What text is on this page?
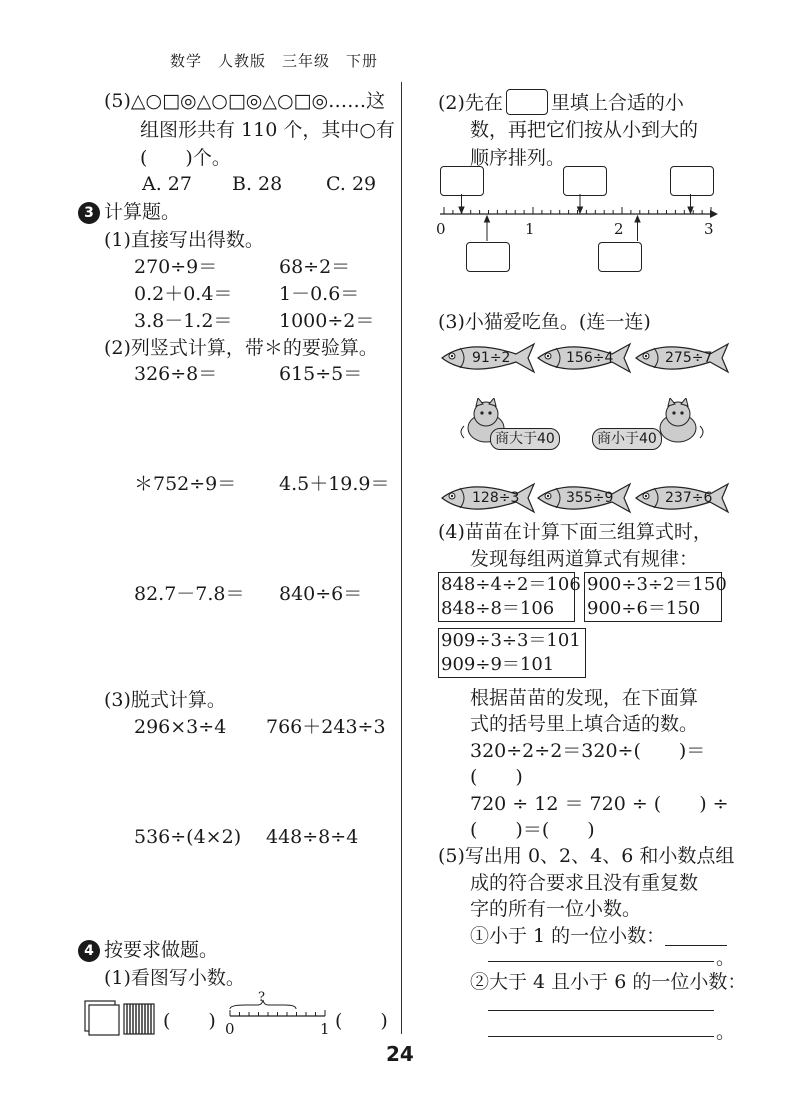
数学　人教版　三年级　下册
(5)△○□◎△○□◎△○□◎……这
组图形共有 110 个，其中○有
(　　)个。
A. 27 B. 28 C. 29
3 计算题。
(1)直接写出得数。
270÷9＝	68÷2＝
0.2＋0.4＝ 1－0.6＝
3.8－1.2＝ 1000÷2＝
(2)列竖式计算，带＊的要验算。
326÷8＝	615÷5＝
＊752÷9＝ 4.5＋19.9＝
82.7－7.8＝ 840÷6＝
(3)脱式计算。
296×3÷4 766＋243÷3
536÷(4×2) 448÷8÷4
4 按要求做题。
(1)看图写小数。
(　　)
?
0	1 (　　)
(2)先在	里填上合适的小
数，再把它们按从小到大的
顺序排列。
0	1	2	3
(3)小猫爱吃鱼。(连一连)
91÷2	156÷4	275÷7
商大于40	商小于40
128÷3	355÷9	237÷6
(4)苗苗在计算下面三组算式时，
发现每组两道算式有规律：
848÷4÷2＝106
848÷8＝106
900÷3÷2＝150
900÷6＝150
909÷3÷3＝101
909÷9＝101
根据苗苗的发现，在下面算
式的括号里上填合适的数。
320÷2÷2＝320÷(　　)＝
(　　)
720 ÷ 12 ＝ 720 ÷ (　　) ÷
(　　)＝(　　)
(5)写出用 0、2、4、6 和小数点组
成的符合要求且没有重复数
字的所有一位小数。
①小于 1 的一位小数：
。
②大于 4 且小于 6 的一位小数：
。
24
